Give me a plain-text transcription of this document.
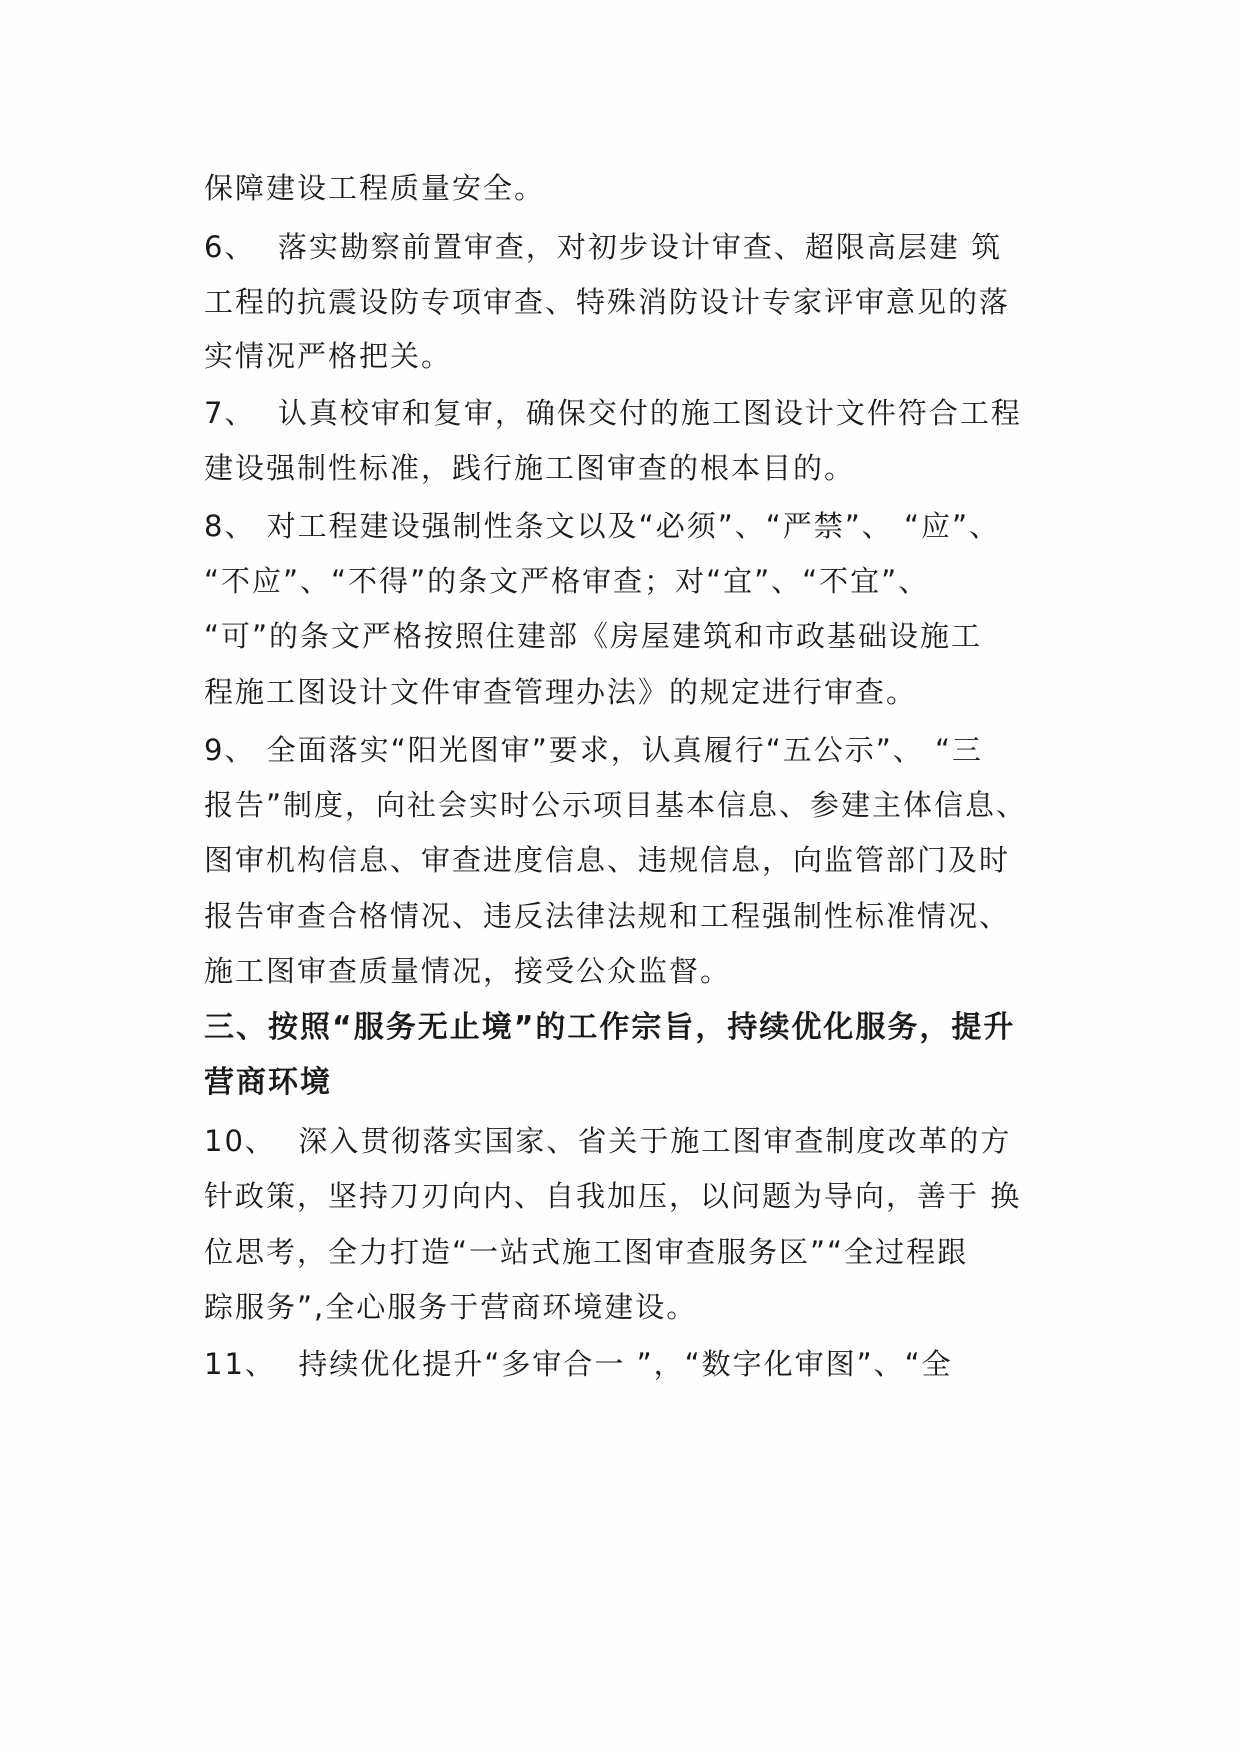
保障建设工程质量安全。
6、  落实勘察前置审查，对初步设计审查、超限高层建 筑
工程的抗震设防专项审查、特殊消防设计专家评审意见的落
实情况严格把关。
7、  认真校审和复审，确保交付的施工图设计文件符合工程
建设强制性标准，践行施工图审查的根本目的。
8、 对工程建设强制性条文以及“必须”、“严禁”、 “应”、
“不应”、“不得”的条文严格审查；对“宜”、“不宜”、
“可”的条文严格按照住建部《房屋建筑和市政基础设施工
程施工图设计文件审查管理办法》的规定进行审查。
9、 全面落实“阳光图审”要求，认真履行“五公示”、 “三
报告”制度，向社会实时公示项目基本信息、参建主体信息、
图审机构信息、审查进度信息、违规信息，向监管部门及时
报告审查合格情况、违反法律法规和工程强制性标准情况、
施工图审查质量情况，接受公众监督。
三、按照“服务无止境”的工作宗旨，持续优化服务，提升
营商环境
10、  深入贯彻落实国家、省关于施工图审查制度改革的方
针政策，坚持刀刃向内、自我加压，以问题为导向，善于 换
位思考，全力打造“一站式施工图审查服务区”“全过程跟
踪服务”,全心服务于营商环境建设。
11、  持续优化提升“多审合一 ”，“数字化审图”、“全
